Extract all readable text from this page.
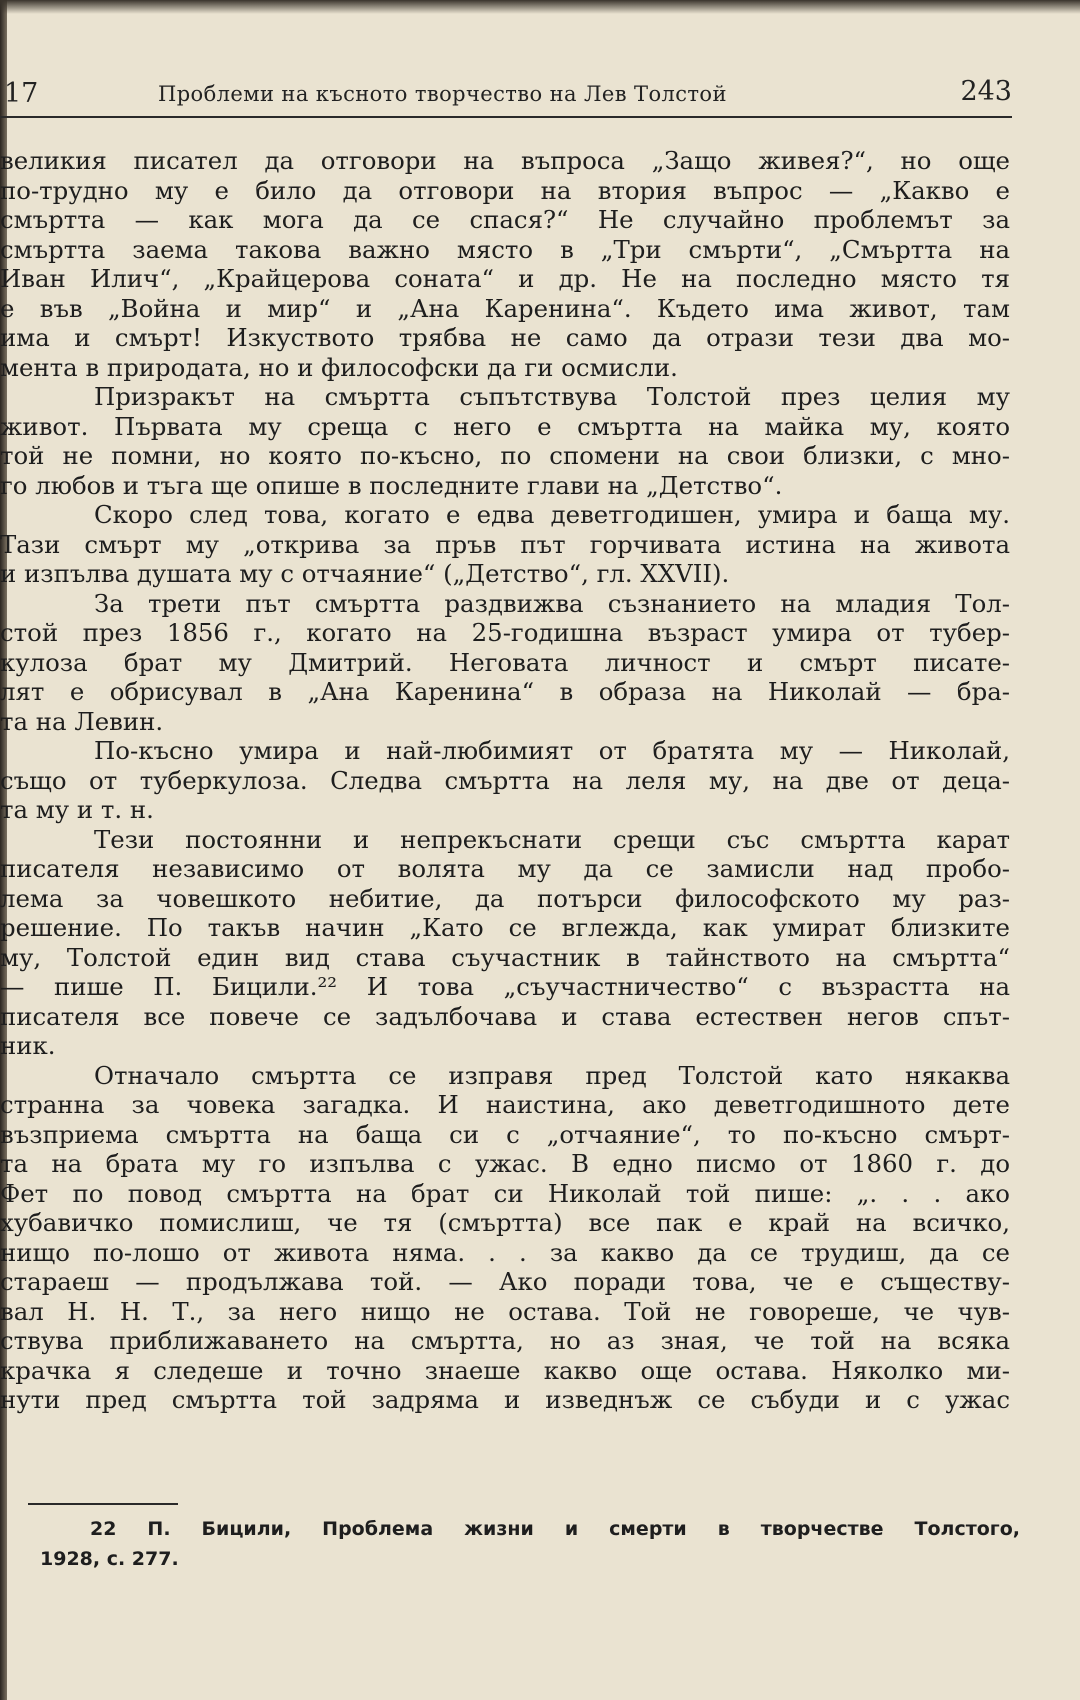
17	Проблеми на късното творчество на Лев Толстой	243

великия писател да отговори на въпроса „Защо живея?“, но още

по-трудно му е било да отговори на втория въпрос — „Какво е

смъртта — как мога да се спася?“ Не случайно проблемът за

смъртта заема такова важно място в „Три смърти“, „Смъртта на

Иван Илич“, „Крайцерова соната“ и др. Не на последно място тя

е във „Война и мир“ и „Ана Каренина“. Където има живот, там

има и смърт! Изкуството трябва не само да отрази тези два мо-

мента в природата, но и философски да ги осмисли.

Призракът на смъртта съпътствува Толстой през целия му

живот. Първата му среща с него е смъртта на майка му, която

той не помни, но която по-късно, по спомени на свои близки, с мно-

го любов и тъга ще опише в последните глави на „Детство“.

Скоро след това, когато е едва деветгодишен, умира и баща му.

Тази смърт му „открива за пръв път горчивата истина на живота

и изпълва душата му с отчаяние“ („Детство“, гл. XXVII).

За трети път смъртта раздвижва съзнанието на младия Тол-

стой през 1856 г., когато на 25-годишна възраст умира от тубер-

кулоза брат му Дмитрий. Неговата личност и смърт писате-

лят е обрисувал в „Ана Каренина“ в образа на Николай — бра-

та на Левин.

По-късно умира и най-любимият от братята му — Николай,

също от туберкулоза. Следва смъртта на леля му, на две от деца-

та му и т. н.

Тези постоянни и непрекъснати срещи със смъртта карат

писателя независимо от волята му да се замисли над пробо-

лема за човешкото небитие, да потърси философското му раз-

решение. По такъв начин „Като се вглежда, как умират близките

му, Толстой един вид става съучастник в тайнството на смъртта“

— пише П. Бицили.²² И това „съучастничество“ с възрастта на

писателя все повече се задълбочава и става естествен негов спът-

ник.

Отначало смъртта се изправя пред Толстой като някаква

странна за човека загадка. И наистина, ако деветгодишното дете

възприема смъртта на баща си с „отчаяние“, то по-късно смърт-

та на брата му го изпълва с ужас. В едно писмо от 1860 г. до

Фет по повод смъртта на брат си Николай той пише: „. . . ако

хубавичко помислиш, че тя (смъртта) все пак е край на всичко,

нищо по-лошо от живота няма. . . за какво да се трудиш, да се

стараеш — продължава той. — Ако поради това, че е съществу-

вал Н. Н. Т., за него нищо не остава. Той не говореше, че чув-

ствува приближаването на смъртта, но аз зная, че той на всяка

крачка я следеше и точно знаеше какво още остава. Няколко ми-

нути пред смъртта той задряма и изведнъж се събуди и с ужас

22 П. Бицили, Проблема жизни и смерти в творчестве Толстого,

1928, с. 277.
